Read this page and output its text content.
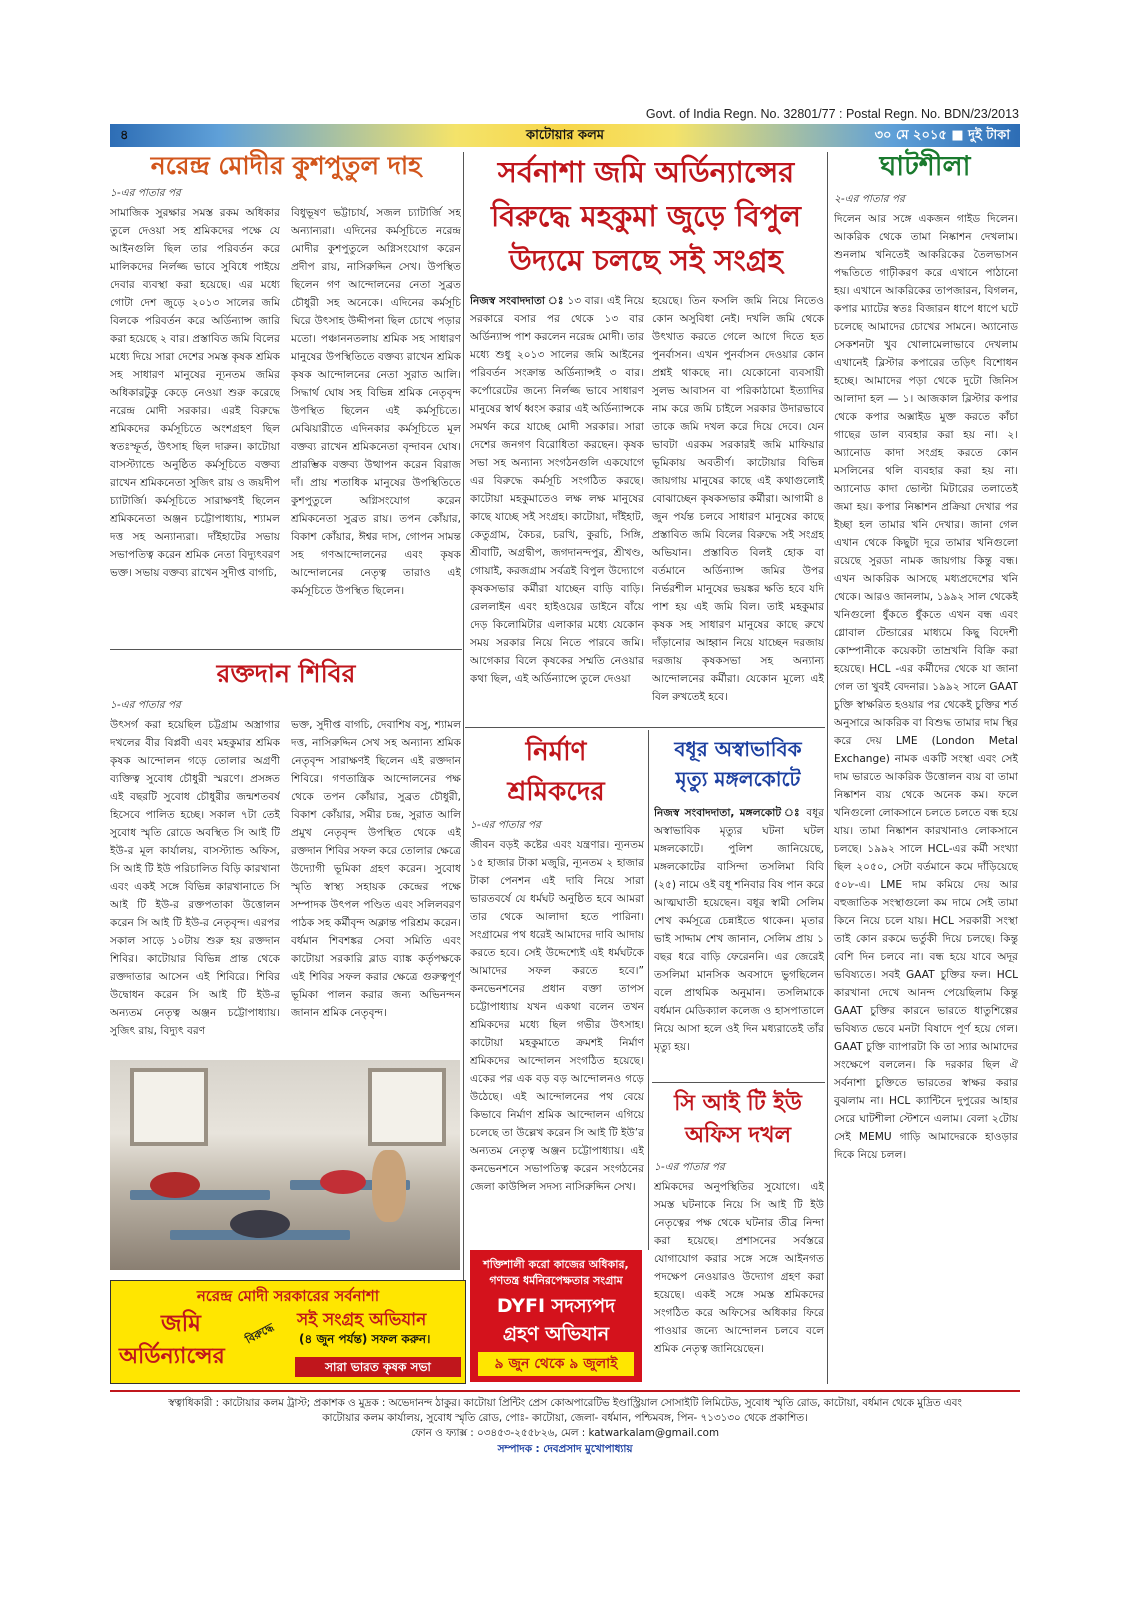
Govt. of India Regn. No. 32801/77 : Postal Regn. No. BDN/23/2013
৪	কাটোয়ার কলম	৩০ মে ২০১৫ ■ দুই টাকা
নরেন্দ্র মোদীর কুশপুতুল দাহ
১-এর পাতার পর
সামাজিক সুরক্ষার সমস্ত রকম অধিকার তুলে দেওয়া সহ শ্রমিকদের পক্ষে যে আইনগুলি ছিল তার পরিবর্তন করে মালিকদের নির্লজ্জ ভাবে সুবিধে পাইয়ে দেবার ব্যবস্থা করা হয়েছে। এর মধ্যে গোটা দেশ জুড়ে ২০১৩ সালের জমি বিলকে পরিবর্তন করে অর্ডিন্যান্স জারি করা হয়েছে ২ বার। প্রস্তাবিত জমি বিলের মধ্যে দিয়ে সারা দেশের সমস্ত কৃষক শ্রমিক সহ সাধারণ মানুষের ন্যূনতম জমির অধিকারটুকু কেড়ে নেওয়া শুরু করেছে নরেন্দ্র মোদী সরকার। এরই বিরুদ্ধে শ্রমিকদের কর্মসূচিতে অংশগ্রহণ ছিল স্বতঃস্ফূর্ত, উৎসাহ ছিল দারুন। কাটোয়া বাসস্ট্যান্ডে অনুষ্ঠিত কর্মসূচিতে বক্তব্য রাখেন শ্রমিকনেতা সুজিৎ রায় ও জয়দীপ চ্যাটার্জি। কর্মসূচিতে সারাক্ষণই ছিলেন শ্রমিকনেতা অঞ্জন চট্টোপাধ্যায়, শ্যামল দত্ত সহ অন্যান্যরা। দাঁইহাটের সভায় সভাপতিত্ব করেন শ্রমিক নেতা বিদ্যুৎবরণ ভক্ত। সভায় বক্তব্য রাখেন সুদীপ্ত বাগচি,
বিধুভূষণ ভট্টাচার্য, সজল চ্যাটার্জি সহ অন্যান্যরা। এদিনের কর্মসূচিতে নরেন্দ্র মোদীর কুশপুতুলে অগ্নিসংযোগ করেন প্রদীপ রায়, নাসিরুদ্দিন সেখ। উপস্থিত ছিলেন গণ আন্দোলনের নেতা সুব্রত চৌধুরী সহ অনেকে। এদিনের কর্মসূচি ঘিরে উৎসাহ উদ্দীপনা ছিল চোখে পড়ার মতো। পঞ্চাননতলায় শ্রমিক সহ সাধারণ মানুষের উপস্থিতিতে বক্তব্য রাখেন শ্রমিক কৃষক আন্দোলনের নেতা সুরাত আলি। সিদ্ধার্থ ঘোষ সহ বিভিন্ন শ্রমিক নেতৃবৃন্দ উপস্থিত ছিলেন এই কর্মসূচিতে। মেঝিয়ারীতে এদিনকার কর্মসূচিতে মূল বক্তব্য রাখেন শ্রমিকনেতা বৃন্দাবন ঘোষ। প্রারম্ভিক বক্তব্য উত্থাপন করেন বিরাজ দাঁ। প্রায় শতাধিক মানুষের উপস্থিতিতে কুশপুতুলে অগ্নিসংযোগ করেন শ্রমিকনেতা সুব্রত রায়। তপন কোঁয়ার, বিকাশ কোঁয়ার, ঈশ্বর দাস, গোপন সামন্ত সহ গণআন্দোলনের এবং কৃষক আন্দোলনের নেতৃত্ব তারাও এই কর্মসূচিতে উপস্থিত ছিলেন।
রক্তদান শিবির
১-এর পাতার পর
উৎসর্গ করা হয়েছিল চট্টগ্রাম অস্ত্রাগার দখলের বীর বিপ্লবী এবং মহকুমার শ্রমিক কৃষক আন্দোলন গড়ে তোলার অগ্রণী ব্যক্তিত্ব সুবোধ চৌধুরী স্মরণে। প্রসঙ্গত এই বছরটি সুবোধ চৌধুরীর জন্মশতবর্ষ হিসেবে পালিত হচ্ছে। সকাল ৭টা তেই সুবোধ স্মৃতি রোডে অবস্থিত সি আই টি ইউ-র মূল কার্যালয়, বাসস্ট্যান্ড অফিস, সি আই টি ইউ পরিচালিত বিড়ি কারখানা এবং একই সঙ্গে বিভিন্ন কারখানাতে সি আই টি ইউ-র রক্তপতাকা উত্তোলন করেন সি আই টি ইউ-র নেতৃবৃন্দ। এরপর সকাল সাড়ে ১০টায় শুরু হয় রক্তদান শিবির। কাটোয়ার বিভিন্ন প্রান্ত থেকে রক্তদাতার আসেন এই শিবিরে। শিবির উদ্বোধন করেন সি আই টি ইউ-র অন্যতম নেতৃত্ব অঞ্জন চট্টোপাধ্যায়। সুজিৎ রায়, বিদ্যুৎ বরণ
ভক্ত, সুদীপ্ত বাগচি, দেবাশিষ বসু, শ্যামল দত্ত, নাসিরুদ্দিন সেখ সহ অন্যান্য শ্রমিক নেতৃবৃন্দ সারাক্ষণই ছিলেন এই রক্তদান শিবিরে। গণতান্ত্রিক আন্দোলনের পক্ষ থেকে তপন কোঁয়ার, সুব্রত চৌধুরী, বিকাশ কোঁয়ার, সমীর চন্দ্র, সুরাত আলি প্রমুখ নেতৃবৃন্দ উপস্থিত থেকে এই রক্তদান শিবির সফল করে তোলার ক্ষেত্রে উদ্যোগী ভূমিকা গ্রহণ করেন। সুবোধ স্মৃতি স্বাস্থ্য সহায়ক কেন্দ্রের পক্ষে সম্পাদক উৎপল পণ্ডিত এবং সলিলবরণ পাঠক সহ কর্মীবৃন্দ অক্লান্ত পরিশ্রম করেন। বর্ধমান শিবশঙ্কর সেবা সমিতি এবং কাটোয়া সরকারি ব্লাড ব্যাঙ্ক কর্তৃপক্ষকে এই শিবির সফল করার ক্ষেত্রে গুরুত্বপূর্ণ ভূমিকা পালন করার জন্য অভিনন্দন জানান শ্রমিক নেতৃবৃন্দ।
নরেন্দ্র মোদী সরকারের সর্বনাশা
জমি
অর্ডিন্যান্সের
বিরুদ্ধে
সই সংগ্রহ অভিযান
(৪ জুন পর্যন্ত) সফল করুন।
সারা ভারত কৃষক সভা
সর্বনাশা জমি অর্ডিন্যান্সের
বিরুদ্ধে মহকুমা জুড়ে বিপুল
উদ্যমে চলছে সই সংগ্রহ
নিজস্ব সংবাদদাতা ঃ ১৩ বার। এই নিয়ে সরকারে বসার পর থেকে ১৩ বার অর্ডিন্যান্স পাশ করলেন নরেন্দ্র মোদী। তার মধ্যে শুধু ২০১৩ সালের জমি আইনের পরিবর্তন সংক্রান্ত অর্ডিন্যান্সই ৩ বার। কর্পোরেটের জন্যে নির্লজ্জ ভাবে সাধারণ মানুষের স্বার্থ ধ্বংস করার এই অর্ডিন্যান্সকে সমর্থন করে যাচ্ছে মোদী সরকার। সারা দেশের জনগণ বিরোধিতা করছেন। কৃষক সভা সহ অন্যান্য সংগঠনগুলি একযোগে এর বিরুদ্ধে কর্মসূচি সংগঠিত করছে। কাটোয়া মহকুমাতেও লক্ষ লক্ষ মানুষের কাছে যাচ্ছে সই সংগ্রহ। কাটোয়া, দাঁইহাট, কেতুগ্রাম, কৈচর, চরখি, কুরচি, সিঙ্গি, শ্রীবাটি, অগ্রদ্বীপ, জগদানন্দপুর, শ্রীখণ্ড, গোয়াই, করজগ্রাম সর্বত্রই বিপুল উদ্যোগে কৃষকসভার কর্মীরা যাচ্ছেন বাড়ি বাড়ি। রেললাইন এবং হাইওয়ের ডাইনে বাঁয়ে দেড় কিলোমিটার এলাকার মধ্যে যেকোন সময় সরকার নিয়ে নিতে পারবে জমি। আগেকার বিলে কৃষকের সম্মতি নেওয়ার কথা ছিল, এই অর্ডিন্যান্সে তুলে দেওয়া
হয়েছে। তিন ফসলি জমি নিয়ে নিতেও কোন অসুবিধা নেই। দখলি জমি থেকে উৎখাত করতে গেলে আগে দিতে হত পুনর্বাসন। এখন পুনর্বাসন দেওয়ার কোন প্রশ্নই থাকছে না। যেকোনো ব্যবসায়ী সুলভ আবাসন বা পরিকাঠামো ইত্যাদির নাম করে জমি চাইলে সরকার উদারভাবে তাকে জমি দখল করে দিয়ে দেবে। যেন ভাবটা এরকম সরকারই জমি মাফিয়ার ভূমিকায় অবতীর্ণ। কাটোয়ার বিভিন্ন জায়গায় মানুষের কাছে এই কথাগুলোই বোঝাচ্ছেন কৃষকসভার কর্মীরা। আগামী ৪ জুন পর্যন্ত চলবে সাধারণ মানুষের কাছে প্রস্তাবিত জমি বিলের বিরুদ্ধে সই সংগ্রহ অভিযান। প্রস্তাবিত বিলই হোক বা বর্তমানে অর্ডিন্যান্স জমির উপর নির্ভরশীল মানুষের ভয়ঙ্কর ক্ষতি হবে যদি পাশ হয় এই জমি বিল। তাই মহকুমার কৃষক সহ সাধারণ মানুষের কাছে রুখে দাঁড়ানোর আহ্বান নিয়ে যাচ্ছেন দরজায় দরজায় কৃষকসভা সহ অন্যান্য আন্দোলনের কর্মীরা। যেকোন মূল্যে এই বিল রুখতেই হবে।
নির্মাণ
শ্রমিকদের
১-এর পাতার পর
জীবন বড়ই কষ্টের এবং যন্ত্রণার। ন্যূনতম ১৫ হাজার টাকা মজুরি, ন্যূনতম ২ হাজার টাকা পেনশন এই দাবি নিয়ে সারা ভারতবর্ষে যে ধর্মঘট অনুষ্ঠিত হবে আমরা তার থেকে আলাদা হতে পারিনা। সংগ্রামের পথ ধরেই আমাদের দাবি আদায় করতে হবে। সেই উদ্দেশ্যেই এই ধর্মঘটকে আমাদের সফল করতে হবে।” কনভেনশনের প্রধান বক্তা তাপস চট্টোপাধ্যায় যখন একথা বলেন তখন শ্রমিকদের মধ্যে ছিল গভীর উৎসাহ। কাটোয়া মহকুমাতে ক্রমশই নির্মাণ শ্রমিকদের আন্দোলন সংগঠিত হয়েছে। একের পর এক বড় বড় আন্দোলনও গড়ে উঠেছে। এই আন্দোলনের পথ বেয়ে কিভাবে নির্মাণ শ্রমিক আন্দোলন এগিয়ে চলেছে তা উল্লেখ করেন সি আই টি ইউ’র অন্যতম নেতৃত্ব অঞ্জন চট্টোপাধ্যায়। এই কনভেনশনে সভাপতিত্ব করেন সংগঠনের জেলা কাউন্সিল সদস্য নাসিরুদ্দিন সেখ।
শক্তিশালী করো কাজের অধিকার,
গণতন্ত্র ধর্মনিরপেক্ষতার সংগ্রাম
DYFI সদস্যপদ
গ্রহণ অভিযান
৯ জুন থেকে ৯ জুলাই
বধূর অস্বাভাবিক
মৃত্যু মঙ্গলকোটে
নিজস্ব সংবাদদাতা, মঙ্গলকোট ঃ বধূর অস্বাভাবিক মৃত্যুর ঘটনা ঘটল মঙ্গলকোটে। পুলিশ জানিয়েছে, মঙ্গলকোটের বাসিন্দা তসলিমা বিবি (২৫) নামে ওই বধূ শনিবার বিষ পান করে আত্মঘাতী হয়েছেন। বধূর স্বামী সেলিম শেখ কর্মসূত্রে চেন্নাইতে থাকেন। মৃতার ভাই সাদ্দাম শেখ জানান, সেলিম প্রায় ১ বছর ধরে বাড়ি ফেরেননি। এর জেরেই তসলিমা মানসিক অবসাদে ভুগছিলেন বলে প্রাথমিক অনুমান। তসলিমাকে বর্ধমান মেডিক্যাল কলেজ ও হাসপাতালে নিয়ে আসা হলে ওই দিন মধ্যরাতেই তাঁর মৃত্যু হয়।
সি আই টি ইউ
অফিস দখল
১-এর পাতার পর
শ্রমিকদের অনুপস্থিতির সুযোগে। এই সমস্ত ঘটনাকে নিয়ে সি আই টি ইউ নেতৃত্বের পক্ষ থেকে ঘটনার তীব্র নিন্দা করা হয়েছে। প্রশাসনের সর্বস্তরে যোগাযোগ করার সঙ্গে সঙ্গে আইনগত পদক্ষেপ নেওয়ারও উদ্যোগ গ্রহণ করা হয়েছে। একই সঙ্গে সমস্ত শ্রমিকদের সংগঠিত করে অফিসের অধিকার ফিরে পাওয়ার জন্যে আন্দোলন চলবে বলে শ্রমিক নেতৃত্ব জানিয়েছেন।
ঘাটশীলা
২-এর পাতার পর
দিলেন আর সঙ্গে একজন গাইড দিলেন। আকরিক থেকে তামা নিষ্কাশন দেখলাম। শুনলাম খনিতেই আকরিকের তৈলভাসন পদ্ধতিতে গাঢ়ীকরণ করে এখানে পাঠানো হয়। এখানে আকরিকের তাপজারন, বিগলন, কপার ম্যাটের স্বতঃ বিজারন ধাপে ধাপে ঘটে চলেছে আমাদের চোখের সামনে। অ্যানোড সেকশনটা খুব খোলামেলাভাবে দেখলাম এখানেই ব্লিস্টার কপারের তড়িৎ বিশোধন হচ্ছে। আমাদের পড়া থেকে দুটো জিনিস আলাদা হল — ১। আজকাল ব্লিস্টার কপার থেকে কপার অক্সাইড মুক্ত করতে কাঁচা গাছের ডাল ব্যবহার করা হয় না। ২। অ্যানোড কাদা সংগ্রহ করতে কোন মসলিনের থলি ব্যবহার করা হয় না। অ্যানোড কাদা ভোল্টা মিটারের তলাতেই জমা হয়। কপার নিষ্কাশন প্রক্রিয়া দেখার পর ইচ্ছা হল তামার খনি দেখার। জানা গেল এখান থেকে কিছুটা দূরে তামার খনিগুলো রয়েছে সুরডা নামক জায়গায় কিন্তু বন্ধ। এখন আকরিক আসছে মধ্যপ্রদেশের খনি থেকে। আরও জানলাম, ১৯৯২ সাল থেকেই খনিগুলো ধুঁকতে ধুঁকতে এখন বন্ধ এবং গ্লোবাল টেন্ডারের মাধ্যমে কিছু বিদেশী কোম্পানীকে কয়েকটা তাম্রখনি বিক্রি করা হয়েছে। HCL -এর কর্মীদের থেকে যা জানা গেল তা খুবই বেদনার। ১৯৯২ সালে GAAT চুক্তি স্বাক্ষরিত হওয়ার পর থেকেই চুক্তির শর্ত অনুসারে আকরিক বা বিশুদ্ধ তামার দাম স্থির করে দেয় LME (London Metal Exchange) নামক একটি সংস্থা এবং সেই দাম ভারতে আকরিক উত্তোলন ব্যয় বা তামা নিষ্কাশন ব্যয় থেকে অনেক কম। ফলে খনিগুলো লোকসানে চলতে চলতে বন্ধ হয়ে যায়। তামা নিষ্কাশন কারখানাও লোকসানে চলছে। ১৯৯২ সালে HCL-এর কর্মী সংখ্যা ছিল ২০৫০, সেটা বর্তমানে কমে দাঁড়িয়েছে ৫০৮-এ। LME দাম কমিয়ে দেয় আর বহুজাতিক সংস্থাগুলো কম দামে সেই তামা কিনে নিয়ে চলে যায়। HCL সরকারী সংস্থা তাই কোন রকমে ভর্তুকী দিয়ে চলছে। কিন্তু বেশি দিন চলবে না। বন্ধ হয়ে যাবে অদূর ভবিষ্যতে। সবই GAAT চুক্তির ফল। HCL কারখানা দেখে আনন্দ পেয়েছিলাম কিন্তু GAAT চুক্তির কারনে ভারতে ধাতুশিল্পের ভবিষ্যত ভেবে মনটা বিষাদে পূর্ণ হয়ে গেল। GAAT চুক্তি ব্যাপারটা কি তা স্যার আমাদের সংক্ষেপে বললেন। কি দরকার ছিল ঐ সর্বনাশা চুক্তিতে ভারতের স্বাক্ষর করার বুঝলাম না। HCL ক্যান্টিনে দুপুরের আহার সেরে ঘাটশীলা স্টেশনে এলাম। বেলা ২টোয় সেই MEMU গাড়ি আমাদেরকে হাওড়ার দিকে নিয়ে চলল।
স্বত্বাধিকারী : কাটোয়ার কলম ট্রাস্ট; প্রকাশক ও মুদ্রক : অভেদানন্দ ঠাকুর। কাটোয়া প্রিন্টিং প্রেস কোঅপারেটিভ ইণ্ডাস্ট্রিয়াল সোসাইটি লিমিটেড, সুবোধ স্মৃতি রোড, কাটোয়া, বর্ধমান থেকে মুদ্রিত এবং
কাটোয়ার কলম কার্যালয়, সুবোধ স্মৃতি রোড, পোঃ- কাটোয়া, জেলা- বর্ধমান, পশ্চিমবঙ্গ, পিন- ৭১৩১৩০ থেকে প্রকাশিত।
ফোন ও ফ্যাক্স : ০৩৪৫৩-২৫৫৮২৬, মেল : katwarkalam@gmail.com
সম্পাদক : দেবপ্রসাদ মুখোপাধ্যায়
